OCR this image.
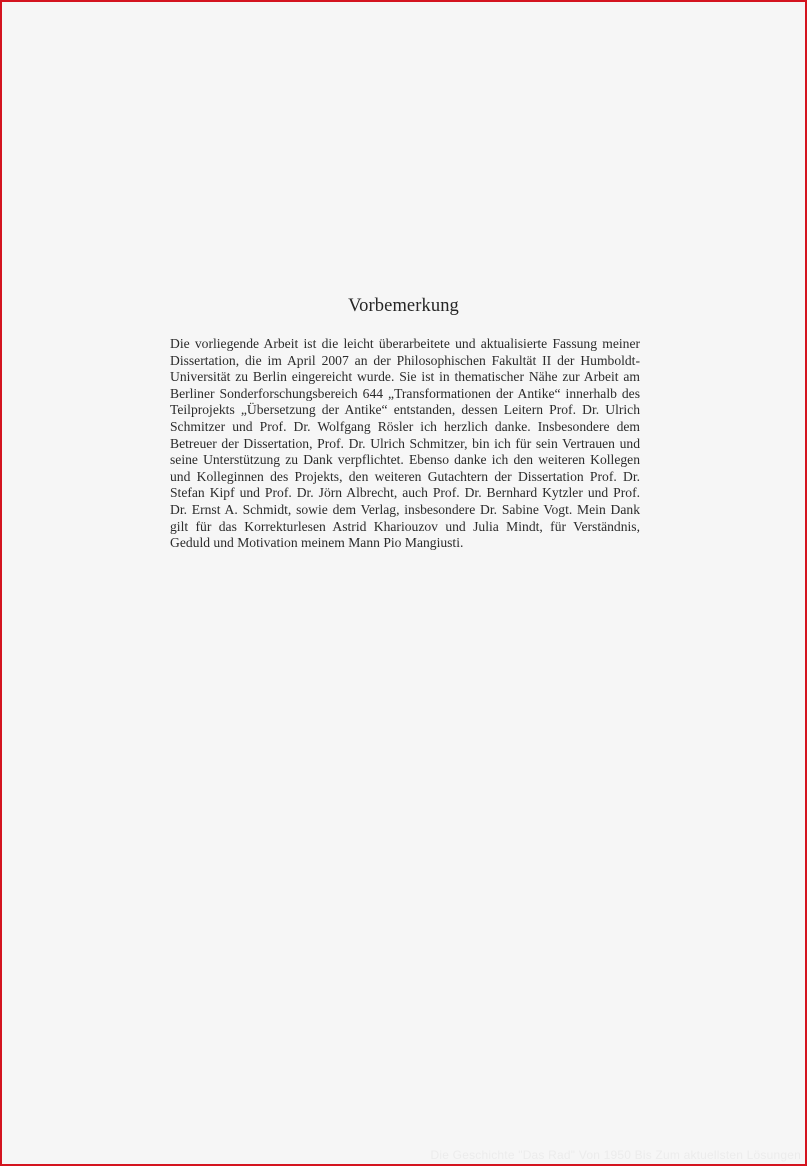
Vorbemerkung

Die vorliegende Arbeit ist die leicht überarbeitete und aktualisierte Fassung meiner Dissertation, die im April 2007 an der Philosophischen Fakultät II der Humboldt-Universität zu Berlin eingereicht wurde. Sie ist in thematischer Nähe zur Arbeit am Berliner Sonderforschungsbereich 644 „Transformationen der Antike“ innerhalb des Teilprojekts „Übersetzung der Antike“ entstanden, dessen Leitern Prof. Dr. Ulrich Schmitzer und Prof. Dr. Wolfgang Rösler ich herzlich danke. Insbesondere dem Betreuer der Dissertation, Prof. Dr. Ulrich Schmitzer, bin ich für sein Vertrauen und seine Unterstützung zu Dank verpflichtet. Ebenso danke ich den weiteren Kollegen und Kolleginnen des Projekts, den weiteren Gutachtern der Dissertation Prof. Dr. Stefan Kipf und Prof. Dr. Jörn Albrecht, auch Prof. Dr. Bernhard Kytzler und Prof. Dr. Ernst A. Schmidt, sowie dem Verlag, insbesondere Dr. Sabine Vogt. Mein Dank gilt für das Korrekturlesen Astrid Khariouzov und Julia Mindt, für Verständnis, Geduld und Motivation meinem Mann Pio Mangiusti.

Die Geschichte "Das Rad" Von 1950 Bis Zum aktuellsten Lösungen
